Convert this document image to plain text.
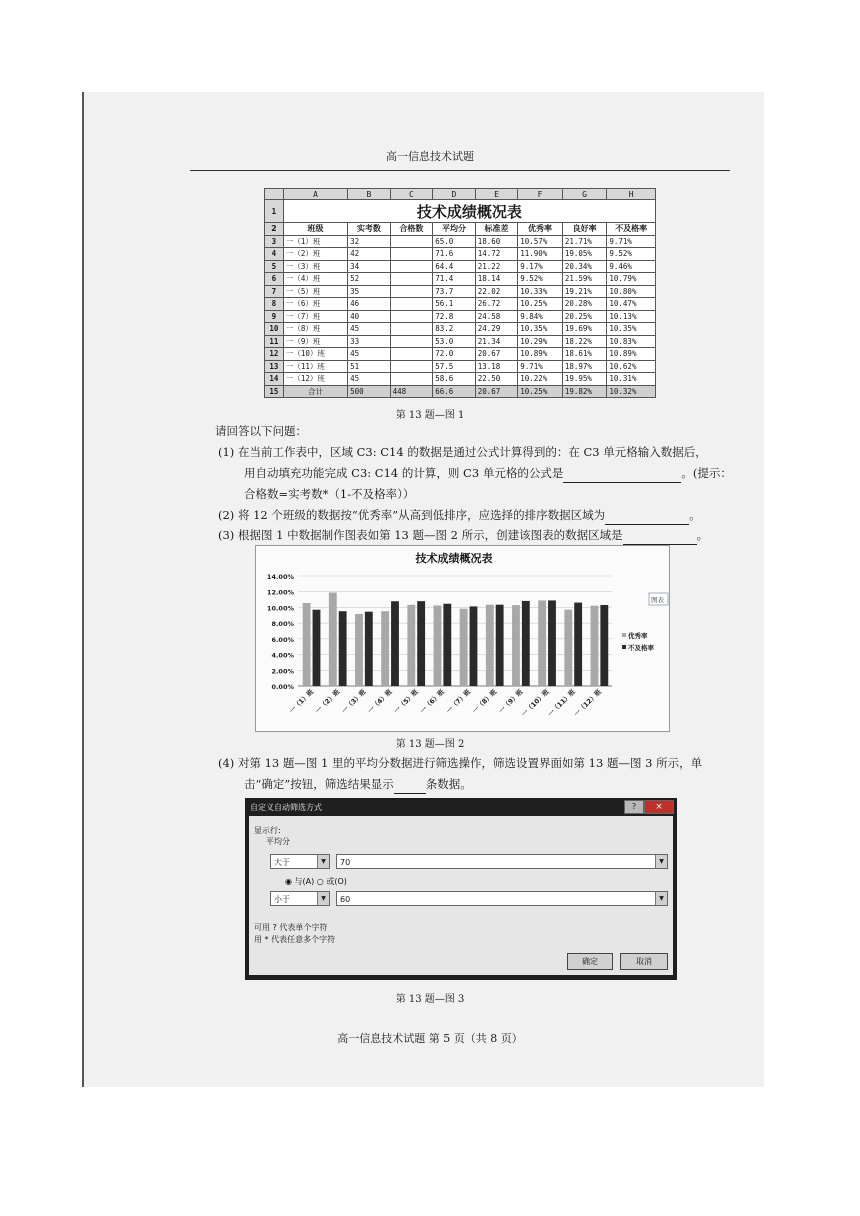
高一信息技术试题
	A	B	C	D	E	F	G	H
1	技术成绩概况表							
2	班级	实考数	合格数	平均分	标准差	优秀率	良好率	不及格率
3	一（1）班	32		65.0	18.60	10.57%	21.71%	9.71%
4	一（2）班	42		71.6	14.72	11.90%	19.05%	9.52%
5	一（3）班	34		64.4	21.22	9.17%	20.34%	9.46%
6	一（4）班	52		71.4	18.14	9.52%	21.59%	10.79%
7	一（5）班	35		73.7	22.02	10.33%	19.21%	10.80%
8	一（6）班	46		56.1	26.72	10.25%	20.28%	10.47%
9	一（7）班	40		72.8	24.58	9.84%	20.25%	10.13%
10	一（8）班	45		83.2	24.29	10.35%	19.69%	10.35%
11	一（9）班	33		53.0	21.34	10.29%	18.22%	10.83%
12	一（10）班	45		72.0	20.67	10.89%	18.61%	10.89%
13	一（11）班	51		57.5	13.18	9.71%	18.97%	10.62%
14	一（12）班	45		58.6	22.50	10.22%	19.95%	10.31%
15	合计	500	448	66.6	20.67	10.25%	19.82%	10.32%
第 13 题—图 1
请回答以下问题：
(1) 在当前工作表中，区域 C3: C14 的数据是通过公式计算得到的：在 C3 单元格输入数据后，
用自动填充功能完成 C3: C14 的计算，则 C3 单元格的公式是	。(提示：
合格数=实考数*（1-不及格率））
(2) 将 12 个班级的数据按“优秀率”从高到低排序，应选择的排序数据区域为	。
(3) 根据图 1 中数据制作图表如第 13 题—图 2 所示，创建该图表的数据区域是	。
技术成绩概况表
14.00%
12.00%
10.00%
8.00%
6.00%
4.00%
2.00%
0.00%
一（1）班
一（2）班
一（3）班
一（4）班
一（5）班
一（6）班
一（7）班
一（8）班
一（9）班
一（10）班
一（11）班
一（12）班
优秀率
不及格率
图表
第 13 题—图 2
(4) 对第 13 题—图 1 里的平均分数据进行筛选操作，筛选设置界面如第 13 题—图 3 所示，单
击“确定”按钮，筛选结果显示	条数据。
自定义自动筛选方式	?	×
显示行:
平均分
大于	▼	70	▼
◉ 与(A) ○ 或(O)
小于	▼	60	▼
可用 ? 代表单个字符
用 * 代表任意多个字符
确定	取消
第 13 题—图 3
高一信息技术试题 第 5 页（共 8 页）
